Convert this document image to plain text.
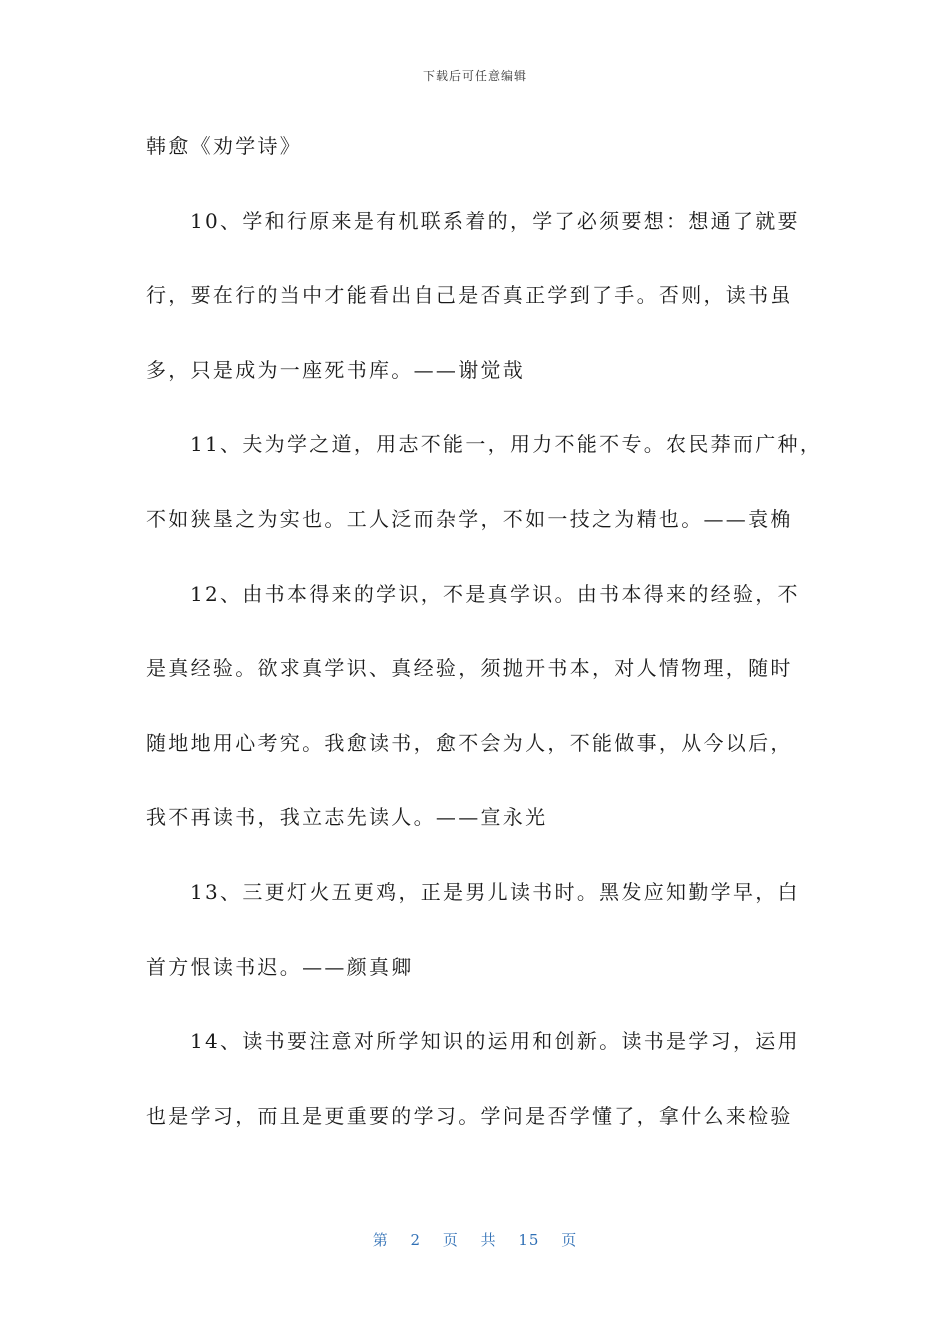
下载后可任意编辑
韩愈《劝学诗》
10、学和行原来是有机联系着的，学了必须要想：想通了就要
行，要在行的当中才能看出自己是否真正学到了手。否则，读书虽
多，只是成为一座死书库。——谢觉哉
11、夫为学之道，用志不能一，用力不能不专。农民莽而广种，
不如狭垦之为实也。工人泛而杂学，不如一技之为精也。——袁桷
12、由书本得来的学识，不是真学识。由书本得来的经验，不
是真经验。欲求真学识、真经验，须抛开书本，对人情物理，随时
随地地用心考究。我愈读书，愈不会为人，不能做事，从今以后，
我不再读书，我立志先读人。——宣永光
13、三更灯火五更鸡，正是男儿读书时。黑发应知勤学早，白
首方恨读书迟。——颜真卿
14、读书要注意对所学知识的运用和创新。读书是学习，运用
也是学习，而且是更重要的学习。学问是否学懂了，拿什么来检验
第 2 页 共 15 页
